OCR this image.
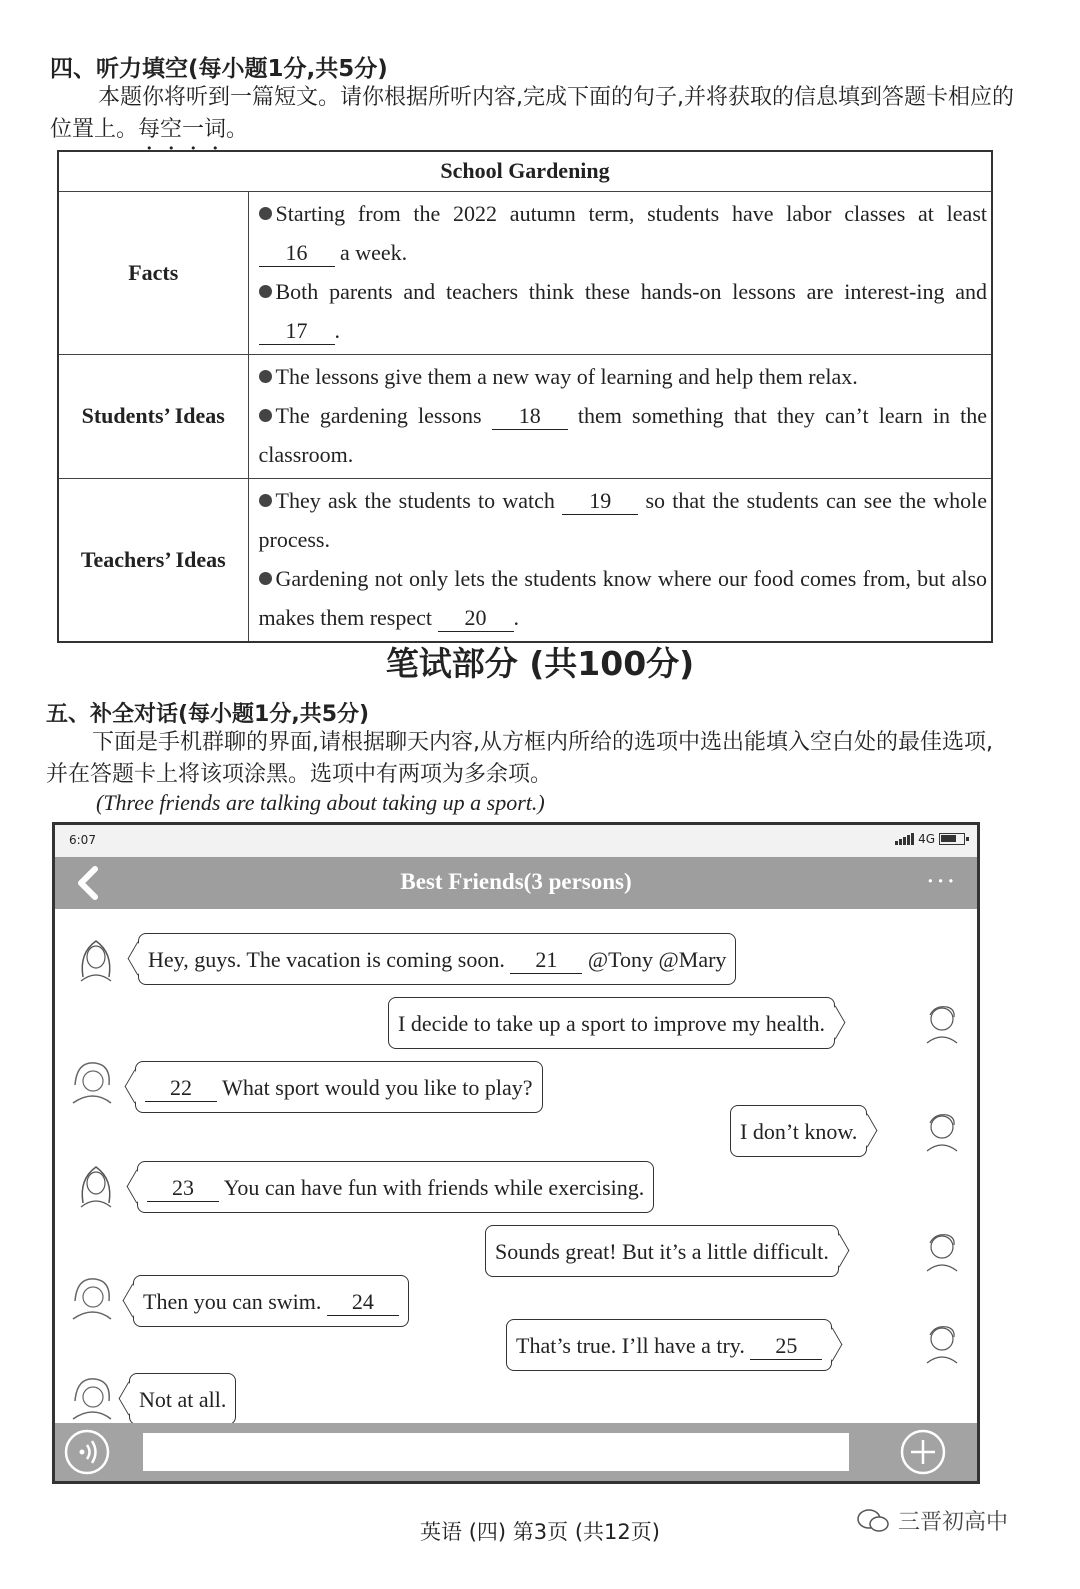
四、听力填空(每小题1分,共5分)
本题你将听到一篇短文。请你根据所听内容,完成下面的句子,并将获取的信息填到答题卡相应的位置上。每空一词。
School Gardening	
Facts	Starting from the 2022 autumn term, students have labor classes at least 16 a week.
Both parents and teachers think these hands-on lessons are interest-ing and 17 .

Students’ Ideas	The lessons give them a new way of learning and help them relax.
The gardening lessons 18 them something that they can’t learn in the classroom.

Teachers’ Ideas	They ask the students to watch 19 so that the students can see the whole process.
Gardening not only lets the students know where our food comes from, but also makes them respect 20 .
笔试部分 (共100分)
五、补全对话(每小题1分,共5分)
下面是手机群聊的界面,请根据聊天内容,从方框内所给的选项中选出能填入空白处的最佳选项,并在答题卡上将该项涂黑。选项中有两项为多余项。
(Three friends are talking about taking up a sport.)
6:07	4G
Best Friends(3 persons)	···
Hey, guys. The vacation is coming soon. 21 @Tony @Mary
I decide to take up a sport to improve my health.
22 What sport would you like to play?
I don’t know.
23 You can have fun with friends while exercising.
Sounds great! But it’s a little difficult.
Then you can swim. 24
That’s true. I’ll have a try. 25
Not at all.
英语 (四) 第3页 (共12页)	三晋初高中
